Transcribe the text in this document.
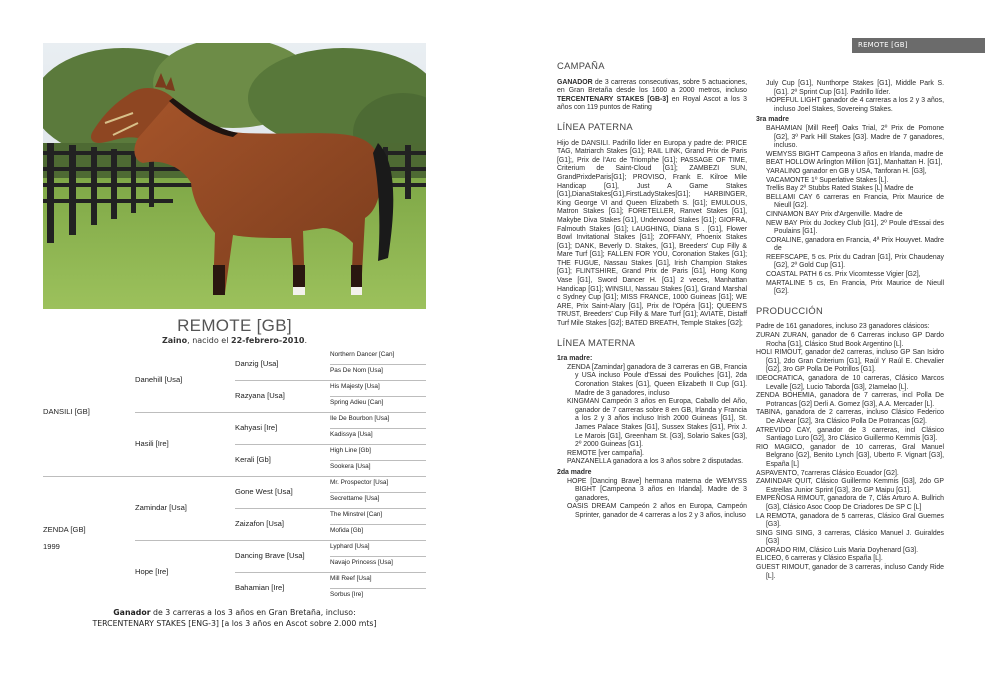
REMOTE [GB]
Zaino, nacido el 22-febrero-2010.
Northern Dancer [Can]
Pas De Nom [Usa]
His Majesty [Usa]
Spring Adieu [Can]
Ile De Bourbon [Usa]
Kadissya [Usa]
High Line [Gb]
Sookera [Usa]
Mr. Prospector [Usa]
Secrettame [Usa]
The Minstrel [Can]
Mofida [Gb]
Lyphard [Usa]
Navajo Princess [Usa]
Mill Reef [Usa]
Sorbus [Ire]
Danzig [Usa]
Razyana [Usa]
Kahyasi [Ire]
Kerali [Gb]
Gone West [Usa]
Zaizafon [Usa]
Dancing Brave [Usa]
Bahamian [Ire]
Danehill [Usa]
Hasili [Ire]
Zamindar [Usa]
Hope [Ire]
DANSILI [GB]
ZENDA [GB]
1999
Ganador de 3 carreras a los 3 años en Gran Bretaña, incluso:
TERCENTENARY STAKES [ENG-3] [a los 3 años en Ascot sobre 2.000 mts]
REMOTE [GB]
CAMPAÑA

GANADOR de 3 carreras consecutivas, sobre 5 actuaciones, en Gran Bretaña desde los 1600 a 2000 metros, incluso TERCENTENARY STAKES [GB-3] en Royal Ascot a los 3 años con 119 puntos de Rating

LÍNEA PATERNA

Hijo de DANSILI. Padrillo líder en Europa y padre de: PRICE TAG, Matriarch Stakes [G1]; RAIL LINK, Grand Prix de Paris [G1];, Prix de l'Arc de Triomphe [G1]; PASSAGE OF TIME, Criterium de Saint-Cloud [G1]; ZAMBEZI SUN, GrandPrixdeParis[G1]; PROVISO, Frank E. Kilroe Mile Handicap [G1], Just A Game Stakes [G1],DianaStakes[G1],FirstLadyStakes[G1]; HARBINGER, King George VI and Queen Elizabeth S. [G1]; EMULOUS, Matron Stakes [G1]; FORETELLER, Ranvet Stakes [G1], Makybe Diva Stakes [G1], Underwood Stakes [G1]; GIOFRA, Falmouth Stakes [G1]; LAUGHING, Diana S . [G1], Flower Bowl Invitational Stakes [G1]; ZOFFANY, Phoenix Stakes [G1]; DANK, Beverly D. Stakes, [G1], Breeders' Cup Filly & Mare Turf [G1]; FALLEN FOR YOU, Coronation Stakes [G1]; THE FUGUE, Nassau Stakes [G1], Irish Champion Stakes [G1]; FLINTSHIRE, Grand Prix de Paris [G1], Hong Kong Vase [G1], Sword Dancer H. [G1] 2 veces, Manhattan Handicap [G1]; WINSILI, Nassau Stakes [G1], Grand Marshal c Sydney Cup [G1]; MISS FRANCE, 1000 Guineas [G1]; WE ARE, Prix Saint-Alary [G1], Prix de l'Opéra [G1]; QUEEN'S TRUST, Breeders' Cup Filly & Mare Turf [G1]; AVIATE, Distaff Turf Mile Stakes [G2]; BATED BREATH, Temple Stakes [G2];

LÍNEA MATERNA
1ra madre:
ZENDA [Zamindar] ganadora de 3 carreras en GB, Francia y USA incluso Poule d'Essai des Pouliches [G1], 2da Coronation Stakes [G1], Queen Elizabeth II Cup [G1]. Madre de 3 ganadores, incluso
KINGMAN Campeón 3 años en Europa, Caballo del Año, ganador de 7 carreras sobre 8 en GB, Irlanda y Francia a los 2 y 3 años incluso Irish 2000 Guineas [G1], St. James Palace Stakes [G1], Sussex Stakes [G1], Prix J. Le Marois [G1], Greenham St. [G3], Solario Sakes [G3], 2º 2000 Guineas [G1].
REMOTE [ver campaña].
PANZANELLA ganadora a los 3 años sobre 2 disputadas.
2da madre
HOPE [Dancing Brave] hermana materna de WEMYSS BIGHT [Campeona 3 años en Irlanda]. Madre de 3 ganadores,
OASIS DREAM Campeón 2 años en Europa, Campeón Sprinter, ganador de 4 carreras a los 2 y 3 años, incluso
July Cup [G1], Nunthorpe Stakes [G1], Middle Park S. [G1]. 2º Sprint Cup [G1]. Padrillo líder.
HOPEFUL LIGHT ganador de 4 carreras a los 2 y 3 años, incluso Joel Stakes, Sovereing Stakes.
3ra madre
BAHAMIAN [Mill Reef] Oaks Trial, 2º Prix de Pomone [G2], 3º Park Hill Stakes [G3]. Madre de 7 ganadores, incluso.
WEMYSS BIGHT Campeona 3 años en Irlanda, madre de
BEAT HOLLOW Arlington Million [G1], Manhattan H. [G1],
YARALINO ganador en GB y USA, Tanforan H. [G3],
VACAMONTE 1º Superlative Stakes [L].
Trellis Bay 2º Stubbs Rated Stakes [L] Madre de
BELLAMI CAY 6 carreras en Francia, Prix Maurice de Nieull [G2].
CINNAMON BAY Prix d'Argenville. Madre de
NEW BAY Prix du Jockey Club [G1], 2º Poule d'Essai des Poulains [G1].
CORALINE, ganadora en Francia, 4ª Prix Houyvet. Madre de
REEFSCAPE, 5 cs. Prix du Cadran [G1], Prix Chaudenay [G2], 2º Gold Cup [G1].
COASTAL PATH 6 cs. Prix Vicomtesse Vigier [G2],
MARTALINE 5 cs, En Francia, Prix Maurice de Nieull [G2].
PRODUCCIÓN
Padre de 161 ganadores, incluso 23 ganadores clásicos:
ZURAN ZURAN, ganador de 6 Carreras incluso GP Dardo Rocha [G1], Clásico Stud Book Argentino [L].
HOLI RIMOUT, ganador de2 carreras, incluso GP San Isidro [G1], 2do Gran Criterium [G1], Raúl Y Raúl E. Chevalier [G2], 3ro GP Polla De Potrillos [G1].
IDEOCRATICA, ganadora de 10 carreras, Clásico Marcos Levalle [G2], Lucio Taborda [G3], 2Iamelao [L].
ZENDA BOHEMIA, ganadora de 7 carreras, incl Polla De Potrancas [G2] Derli A. Gomez [G3], A.A. Mercader [L].
TABINA, ganadora de 2 carreras, incluso Clásico Federico De Alvear [G2], 3ra Clásico Polla De Potrancas [G2].
ATREVIDO CAY, ganador de 3 carreras, incl Clásico Santiago Luro [G2], 3ro Clásico Guillermo Kemmis [G3].
RIO MAGICO, ganador de 10 carreras, Gral Manuel Belgrano [G2], Benito Lynch [G3], Uberto F. Vignart [G3], España [L]
ASPAVENTO, 7carreras Clásico Ecuador [G2].
ZAMINDAR QUIT, Clásico Guillermo Kemmis [G3], 2do GP Estrellas Junior Sprint [G3], 3ro GP Maipu [G1].
EMPEÑOSA RIMOUT, ganadora de 7, Clás Arturo A. Bullrich [G3], Clásico Asoc Coop De Criadores De SP C [L]
LA REMOTA, ganadora de 5 carreras, Clásico Gral Guemes [G3].
SING SING SING, 3 carreras, Clásico Manuel J. Guiraldes [G3]
ADORADO RIM, Clásico Luis Maria Doyhenard [G3].
ELICEO, 6 carreras y Clásico España [L].
GUEST RIMOUT, ganador de 3 carreras, incluso Candy Ride [L].
